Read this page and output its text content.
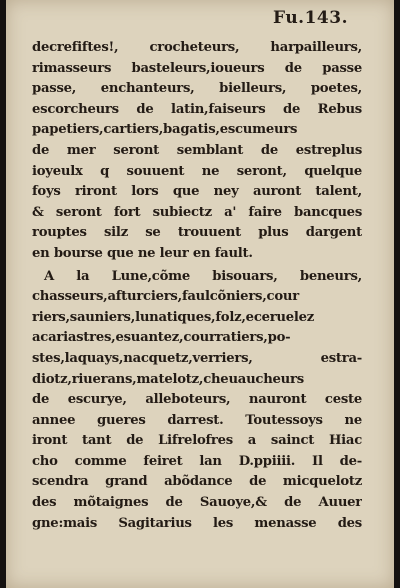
Fu.143.
decrefiftes!, crocheteurs, harpailleurs,
rimasseurs basteleurs,ioueurs de passe
passe, enchanteurs, bielleurs, poetes,
escorcheurs de latin,faiseurs de Rebus
papetiers,cartiers,bagatis,escumeurs
de mer seront semblant de estreplus
ioyeulx q souuent ne seront, quelque
foys riront lors que ney auront talent,
& seront fort subiectz a' faire bancques
rouptes silz se trouuent plus dargent
en bourse que ne leur en fault.
A la Lune,cõme bisouars, beneurs,
chasseurs,afturciers,faulcõniers,cour
riers,sauniers,lunatiques,folz,eceruelez
acariastres,esuantez,courratiers,po-
stes,laquays,nacquetz,verriers, estra-
diotz,riuerans,matelotz,cheuaucheurs
de escurye, alleboteurs, nauront ceste
annee gueres darrest. Toutessoys ne
iront tant de Lifrelofres a sainct Hiac
cho comme feiret lan D.ppiiii. Il de-
scendra grand abõdance de micquelotz
des mõtaignes de Sauoye,& de Auuer
gne:mais Sagitarius les menasse des
